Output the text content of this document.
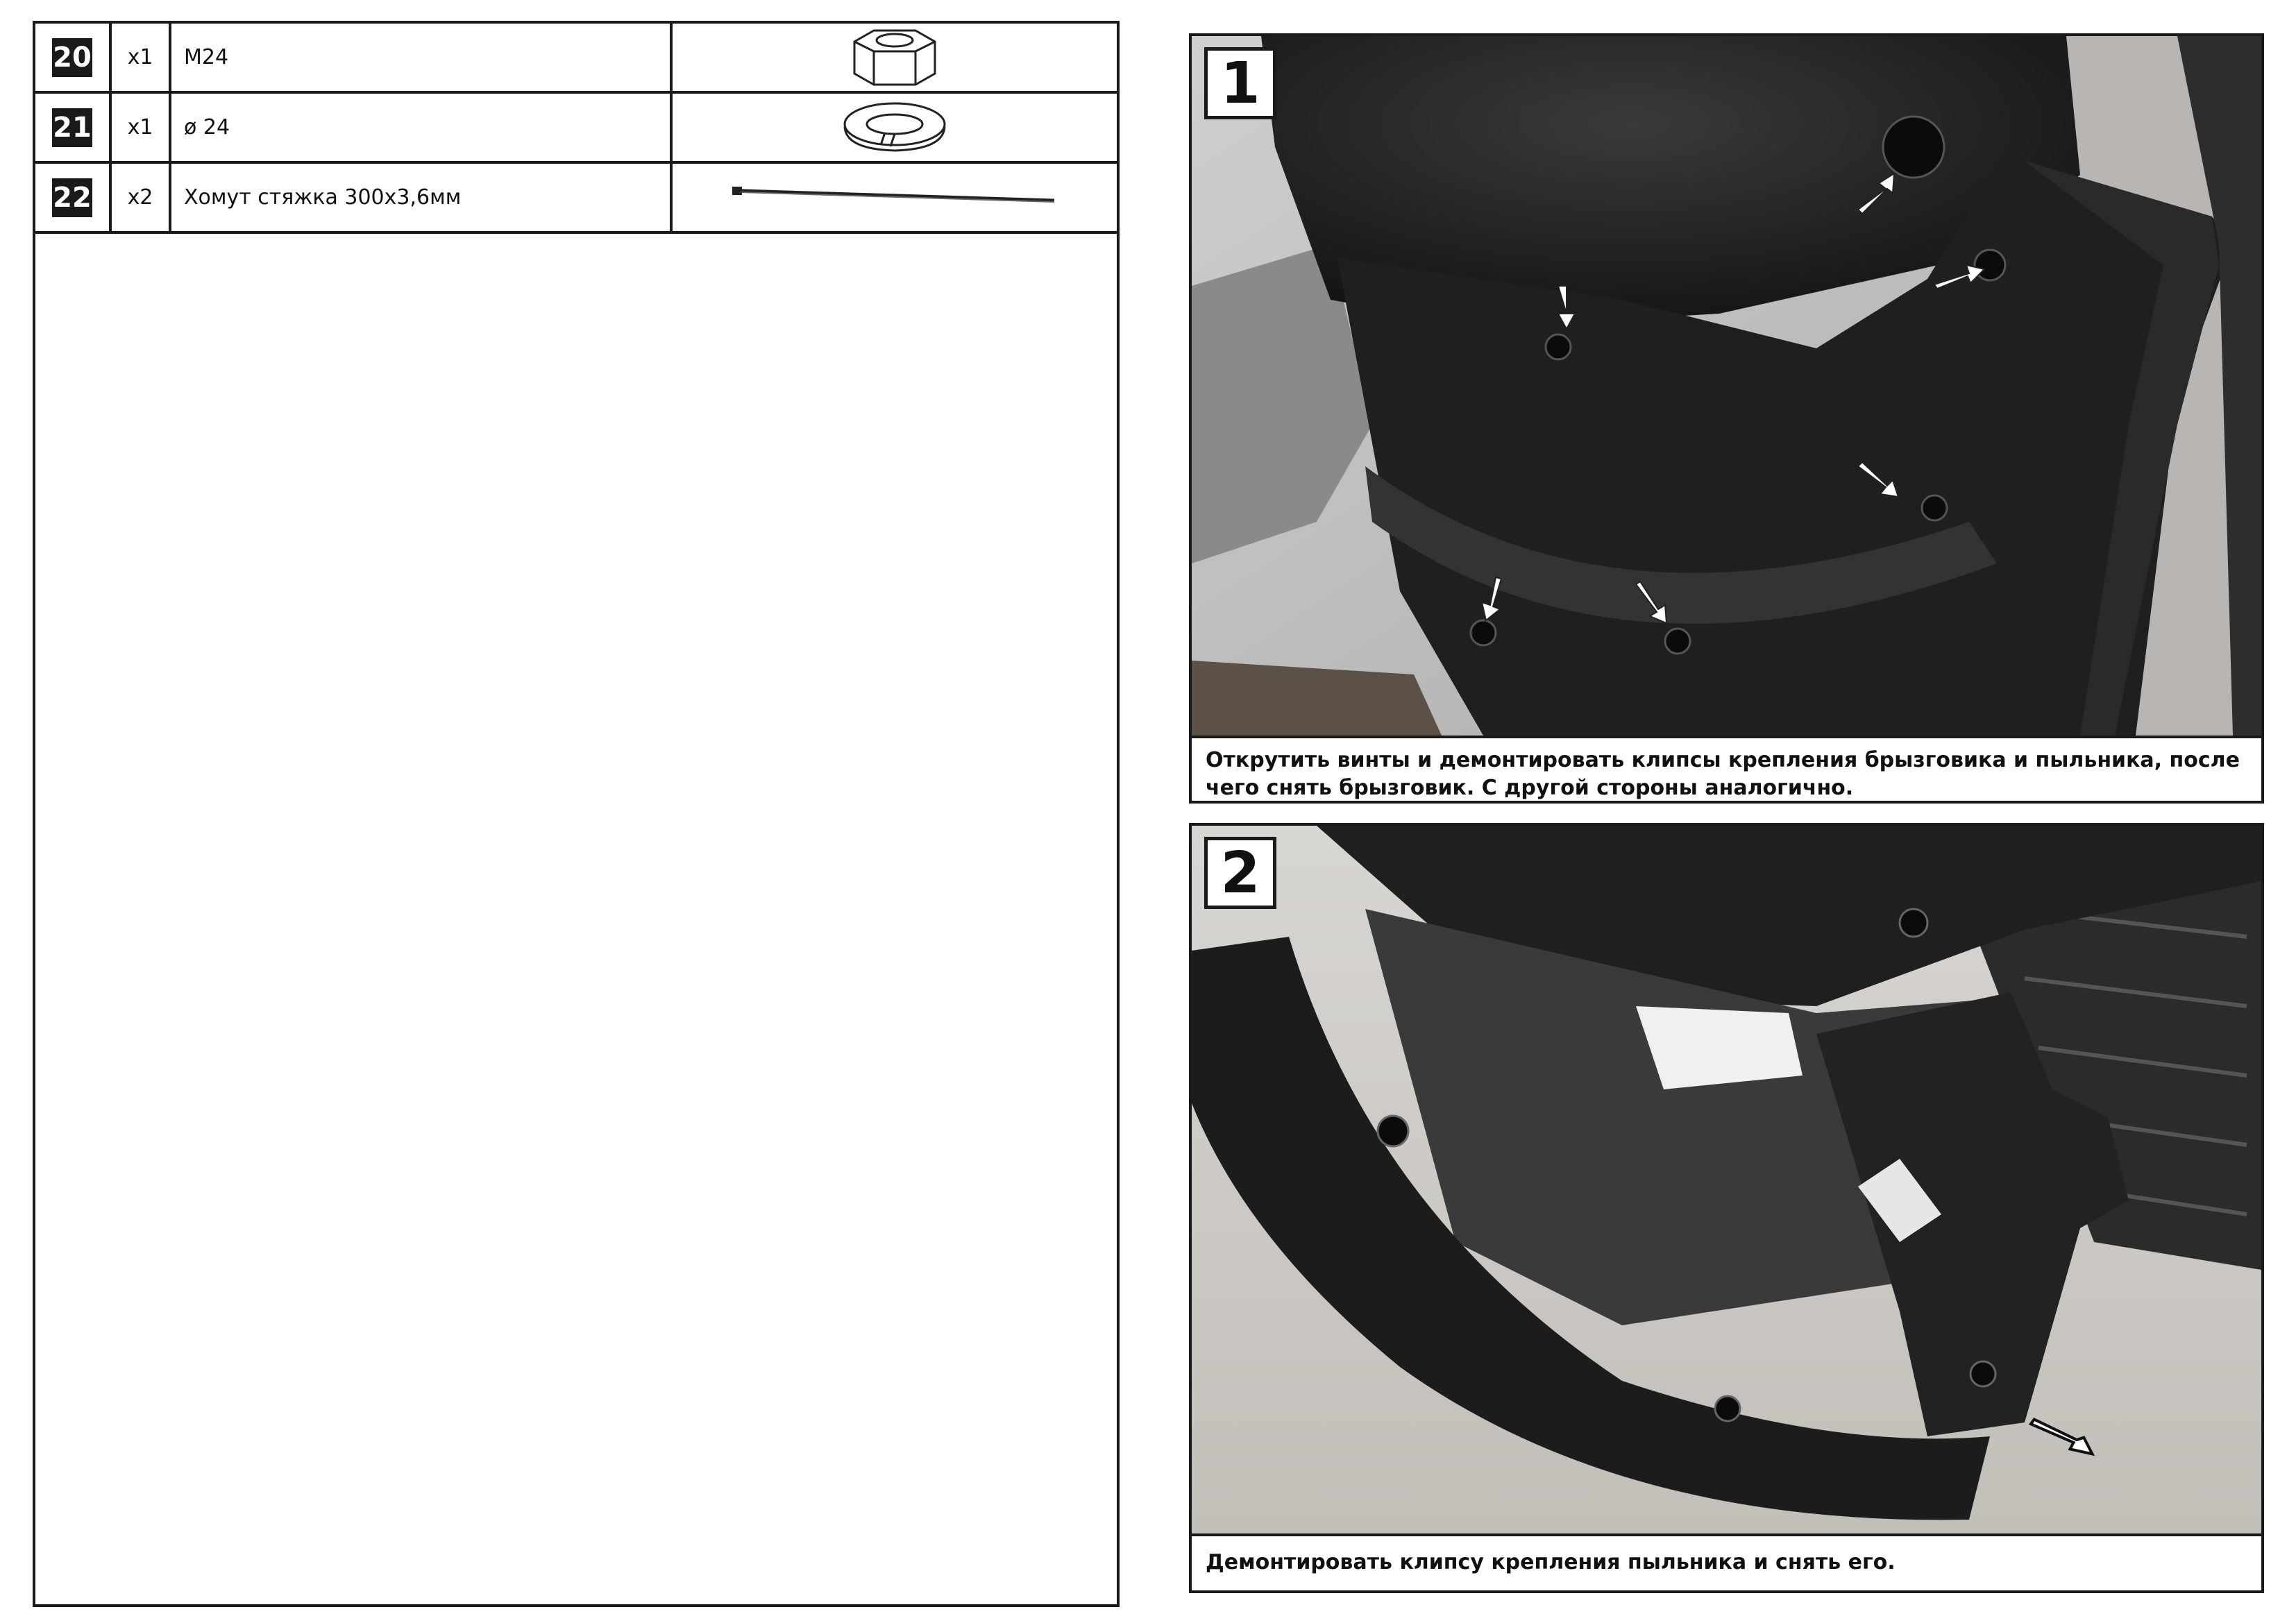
20	x1	M24
21	x1	ø 24
22	x2	Хомут стяжка 300х3,6мм
1
Открутить винты и демонтировать клипсы крепления брызговика и пыльника, после чего снять брызговик. С другой стороны аналогично.
2
Демонтировать клипсу крепления пыльника и снять его.
